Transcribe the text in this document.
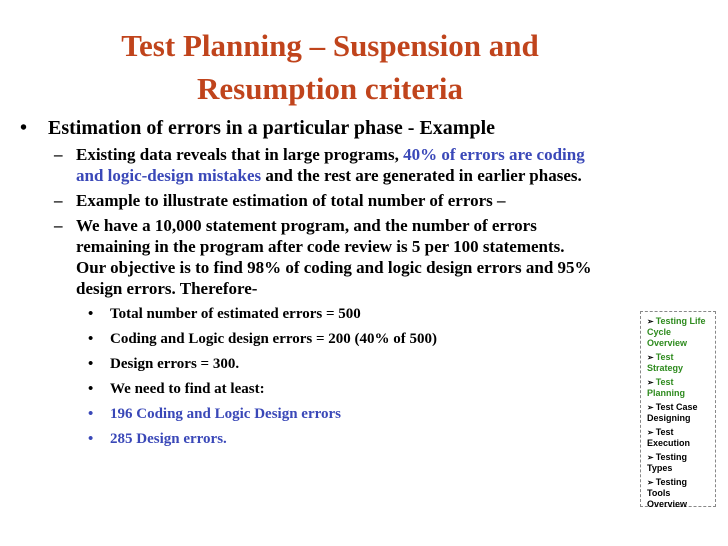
Test Planning – Suspension and
Resumption criteria
• Estimation of errors in a particular phase - Example
– Existing data reveals that in large programs, 40% of errors are coding and logic-design mistakes and the rest are generated in earlier phases.
– Example to illustrate estimation of total number of errors –
– We have a 10,000 statement program, and the number of errors remaining in the program after code review is 5 per 100 statements. Our objective is to find 98% of coding and logic design errors and 95% design errors. Therefore-
• Total number of estimated errors = 500
• Coding and Logic design errors = 200 (40% of 500)
• Design errors = 300.
• We need to find at least:
• 196 Coding and Logic Design errors
• 285 Design errors.
➢ Testing Life Cycle Overview
➢ Test Strategy
➢ Test Planning
➢ Test Case Designing
➢ Test Execution
➢ Testing Types
➢ Testing Tools Overview
